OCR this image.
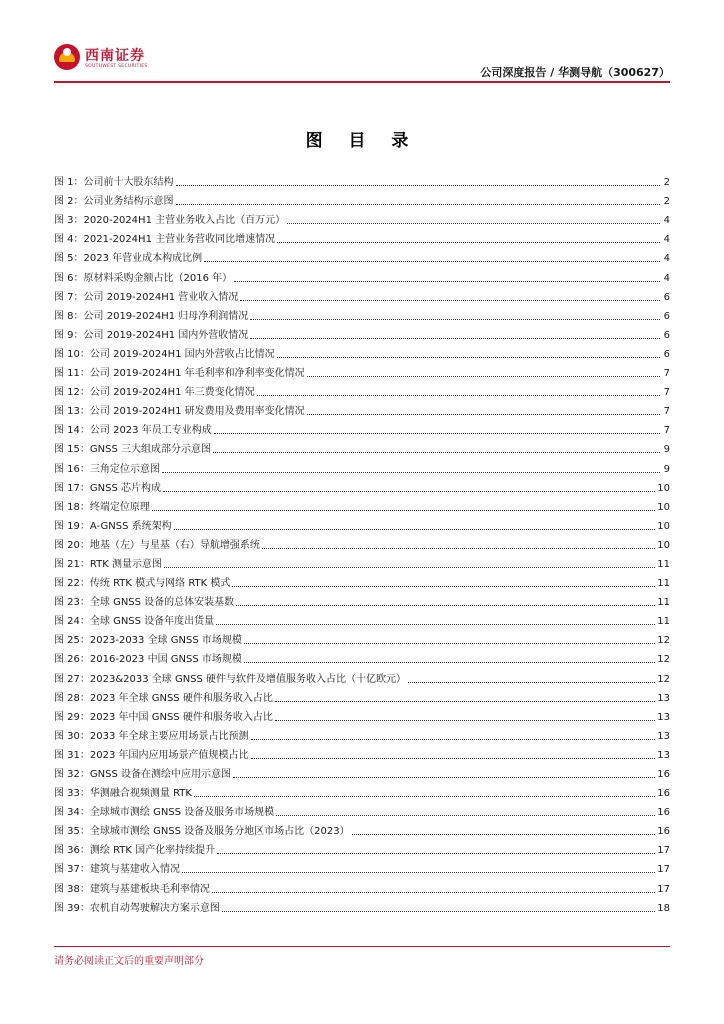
西南证券
SOUTHWEST SECURITIES	公司深度报告 / 华测导航（300627）
图 目 录
图 1：公司前十大股东结构	2
图 2：公司业务结构示意图	2
图 3：2020-2024H1 主营业务收入占比（百万元）	4
图 4：2021-2024H1 主营业务营收同比增速情况	4
图 5：2023 年营业成本构成比例	4
图 6：原材料采购金额占比（2016 年）	4
图 7：公司 2019-2024H1 营业收入情况	6
图 8：公司 2019-2024H1 归母净利润情况	6
图 9：公司 2019-2024H1 国内外营收情况	6
图 10：公司 2019-2024H1 国内外营收占比情况	6
图 11：公司 2019-2024H1 年毛利率和净利率变化情况	7
图 12：公司 2019-2024H1 年三费变化情况	7
图 13：公司 2019-2024H1 研发费用及费用率变化情况	7
图 14：公司 2023 年员工专业构成	7
图 15：GNSS 三大组成部分示意图	9
图 16：三角定位示意图	9
图 17：GNSS 芯片构成	10
图 18：终端定位原理	10
图 19：A-GNSS 系统架构	10
图 20：地基（左）与星基（右）导航增强系统	10
图 21：RTK 测量示意图	11
图 22：传统 RTK 模式与网络 RTK 模式	11
图 23：全球 GNSS 设备的总体安装基数	11
图 24：全球 GNSS 设备年度出货量	11
图 25：2023-2033 全球 GNSS 市场规模	12
图 26：2016-2023 中国 GNSS 市场规模	12
图 27：2023&2033 全球 GNSS 硬件与软件及增值服务收入占比（十亿欧元）	12
图 28：2023 年全球 GNSS 硬件和服务收入占比	13
图 29：2023 年中国 GNSS 硬件和服务收入占比	13
图 30：2033 年全球主要应用场景占比预测	13
图 31：2023 年国内应用场景产值规模占比	13
图 32：GNSS 设备在测绘中应用示意图	16
图 33：华测融合视频测量 RTK	16
图 34：全球城市测绘 GNSS 设备及服务市场规模	16
图 35：全球城市测绘 GNSS 设备及服务分地区市场占比（2023）	16
图 36：测绘 RTK 国产化率持续提升	17
图 37：建筑与基建收入情况	17
图 38：建筑与基建板块毛利率情况	17
图 39：农机自动驾驶解决方案示意图	18
请务必阅读正文后的重要声明部分
